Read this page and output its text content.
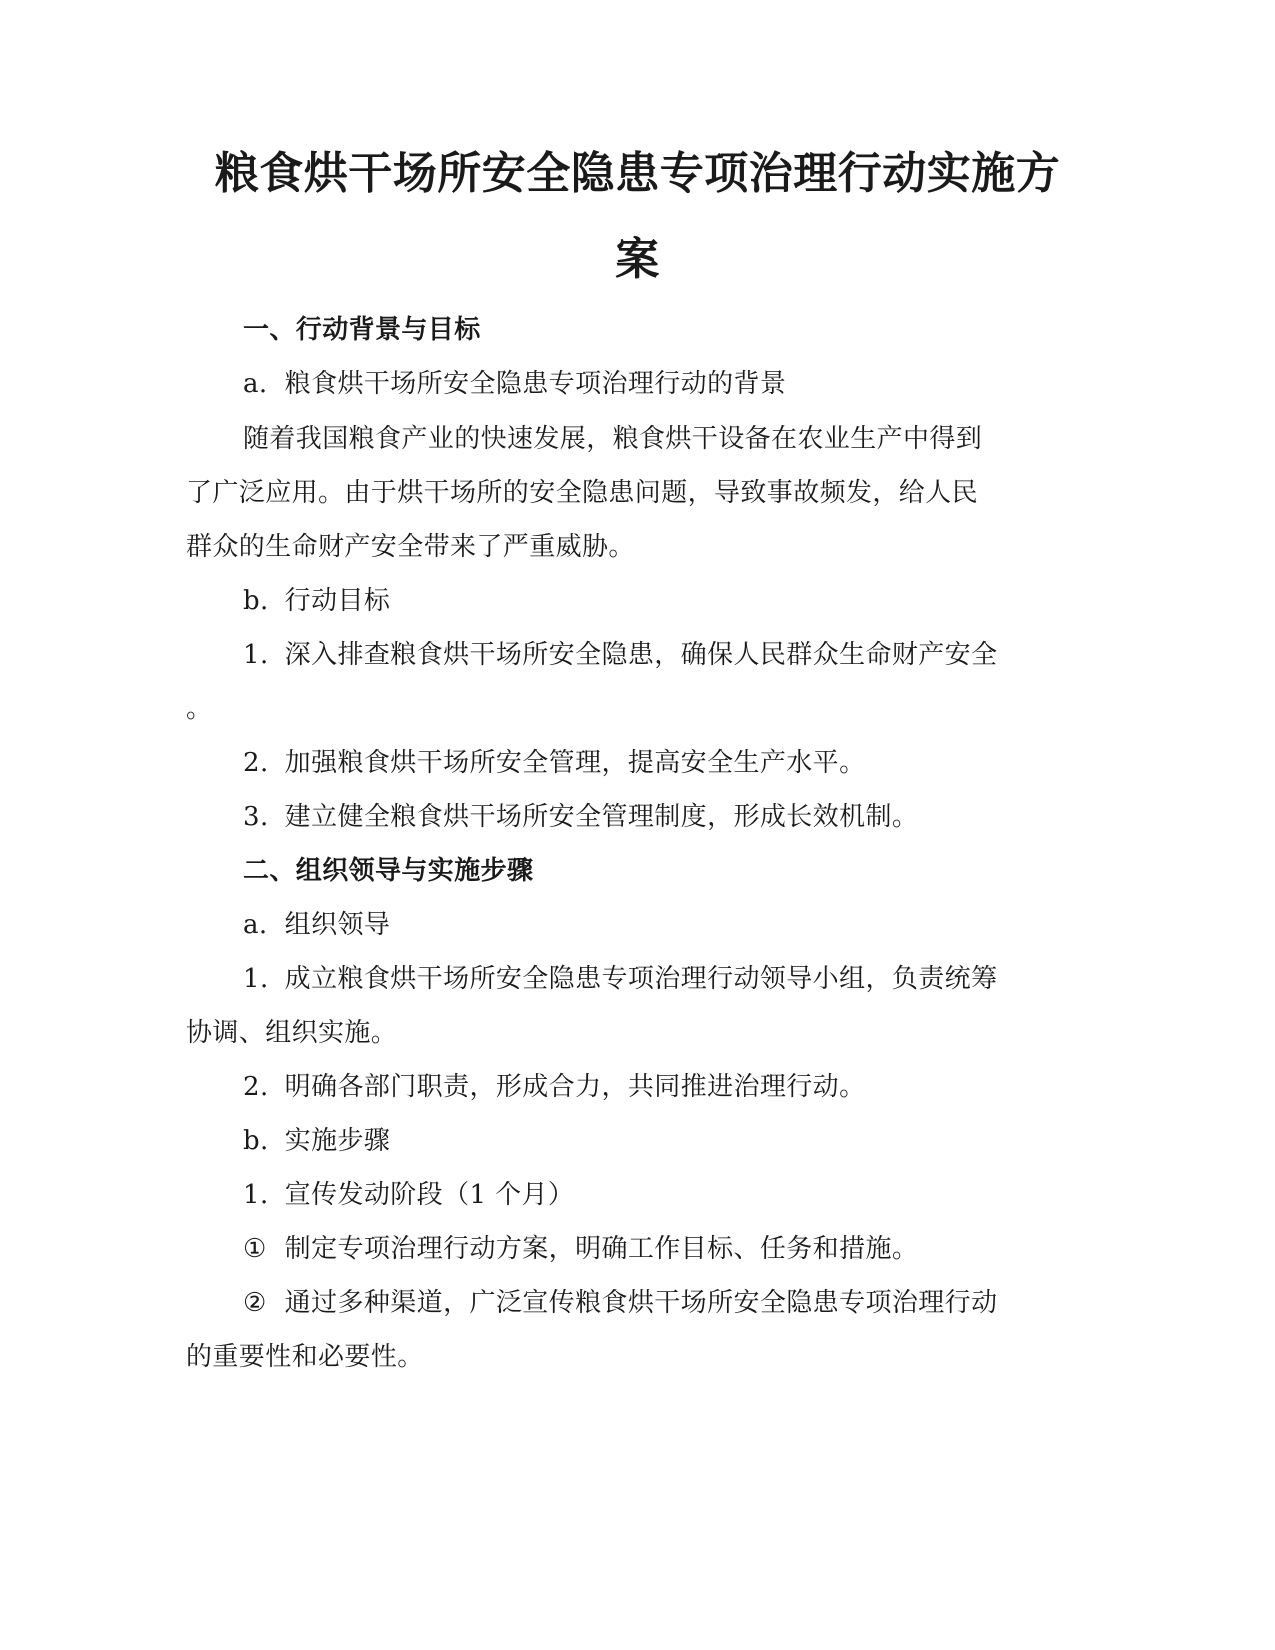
粮食烘干场所安全隐患专项治理行动实施方
案
一、行动背景与目标
a. 粮食烘干场所安全隐患专项治理行动的背景
随着我国粮食产业的快速发展，粮食烘干设备在农业生产中得到
了广泛应用。由于烘干场所的安全隐患问题，导致事故频发，给人民
群众的生命财产安全带来了严重威胁。
b. 行动目标
1. 深入排查粮食烘干场所安全隐患，确保人民群众生命财产安全
。
2. 加强粮食烘干场所安全管理，提高安全生产水平。
3. 建立健全粮食烘干场所安全管理制度，形成长效机制。
二、组织领导与实施步骤
a. 组织领导
1. 成立粮食烘干场所安全隐患专项治理行动领导小组，负责统筹
协调、组织实施。
2. 明确各部门职责，形成合力，共同推进治理行动。
b. 实施步骤
1. 宣传发动阶段（1 个月）
① 制定专项治理行动方案，明确工作目标、任务和措施。
② 通过多种渠道，广泛宣传粮食烘干场所安全隐患专项治理行动
的重要性和必要性。
